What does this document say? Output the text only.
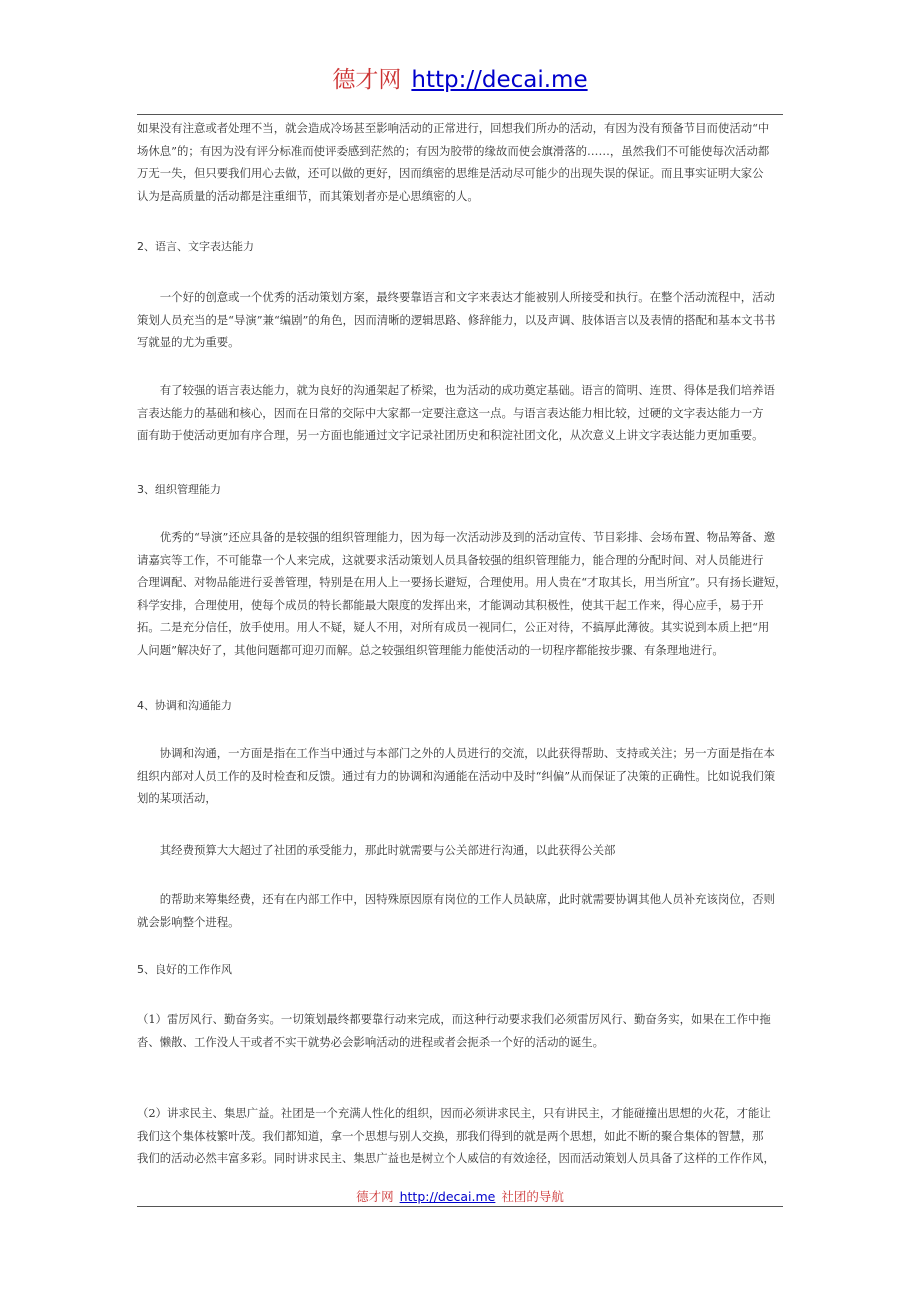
德才网 http://decai.me
如果没有注意或者处理不当，就会造成冷场甚至影响活动的正常进行，回想我们所办的活动，有因为没有预备节目而使活动“中
场休息”的；有因为没有评分标准而使评委感到茫然的；有因为胶带的缘故而使会旗滑落的……，虽然我们不可能使每次活动都
万无一失，但只要我们用心去做，还可以做的更好，因而缜密的思维是活动尽可能少的出现失误的保证。而且事实证明大家公
认为是高质量的活动都是注重细节，而其策划者亦是心思缜密的人。
2、语言、文字表达能力
　　一个好的创意或一个优秀的活动策划方案，最终要靠语言和文字来表达才能被别人所接受和执行。在整个活动流程中，活动
策划人员充当的是“导演”兼“编剧”的角色，因而清晰的逻辑思路、修辞能力，以及声调、肢体语言以及表情的搭配和基本文书书
写就显的尤为重要。
　　有了较强的语言表达能力，就为良好的沟通架起了桥梁，也为活动的成功奠定基础。语言的简明、连贯、得体是我们培养语
言表达能力的基础和核心，因而在日常的交际中大家都一定要注意这一点。与语言表达能力相比较，过硬的文字表达能力一方
面有助于使活动更加有序合理，另一方面也能通过文字记录社团历史和积淀社团文化，从次意义上讲文字表达能力更加重要。
3、组织管理能力
　　优秀的“导演”还应具备的是较强的组织管理能力，因为每一次活动涉及到的活动宣传、节目彩排、会场布置、物品筹备、邀
请嘉宾等工作，不可能靠一个人来完成，这就要求活动策划人员具备较强的组织管理能力，能合理的分配时间、对人员能进行
合理调配、对物品能进行妥善管理，特别是在用人上一要扬长避短，合理使用。用人贵在“才取其长，用当所宜”。只有扬长避短，
科学安排，合理使用，使每个成员的特长都能最大限度的发挥出来，才能调动其积极性，使其干起工作来，得心应手，易于开
拓。二是充分信任，放手使用。用人不疑，疑人不用，对所有成员一视同仁，公正对待，不搞厚此薄彼。其实说到本质上把“用
人问题”解决好了，其他问题都可迎刃而解。总之较强组织管理能力能使活动的一切程序都能按步骤、有条理地进行。
4、协调和沟通能力
　　协调和沟通，一方面是指在工作当中通过与本部门之外的人员进行的交流，以此获得帮助、支持或关注；另一方面是指在本
组织内部对人员工作的及时检查和反馈。通过有力的协调和沟通能在活动中及时“纠偏”从而保证了决策的正确性。比如说我们策
划的某项活动，
　　其经费预算大大超过了社团的承受能力，那此时就需要与公关部进行沟通，以此获得公关部
　　的帮助来筹集经费，还有在内部工作中，因特殊原因原有岗位的工作人员缺席，此时就需要协调其他人员补充该岗位，否则
就会影响整个进程。
5、良好的工作作风
（1）雷厉风行、勤奋务实。一切策划最终都要靠行动来完成，而这种行动要求我们必须雷厉风行、勤奋务实，如果在工作中拖
沓、懒散、工作没人干或者不实干就势必会影响活动的进程或者会扼杀一个好的活动的诞生。
（2）讲求民主、集思广益。社团是一个充满人性化的组织，因而必须讲求民主，只有讲民主，才能碰撞出思想的火花，才能让
我们这个集体枝繁叶茂。我们都知道，拿一个思想与别人交换，那我们得到的就是两个思想，如此不断的聚合集体的智慧，那
我们的活动必然丰富多彩。同时讲求民主、集思广益也是树立个人威信的有效途径，因而活动策划人员具备了这样的工作作风，
德才网 http://decai.me 社团的导航
